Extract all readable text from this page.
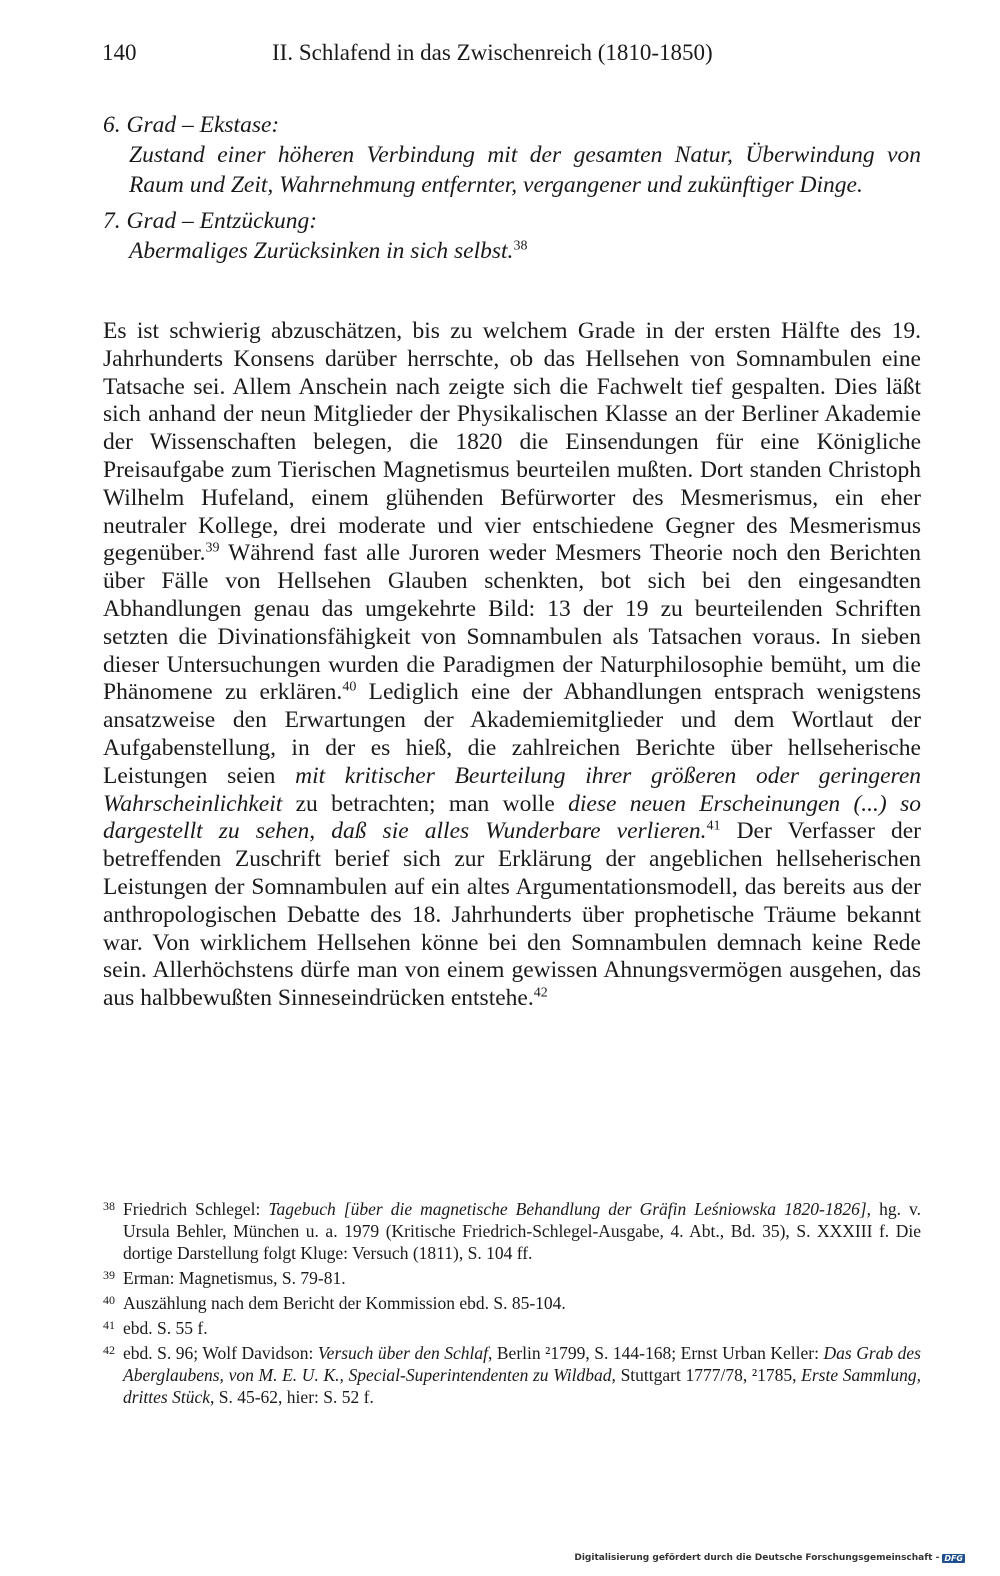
140	II. Schlafend in das Zwischenreich (1810-1850)
6. Grad – Ekstase:
Zustand einer höheren Verbindung mit der gesamten Natur, Überwindung von Raum und Zeit, Wahrnehmung entfernter, vergangener und zukünftiger Dinge.
7. Grad – Entzückung:
Abermaliges Zurücksinken in sich selbst.$^{38}$
Es ist schwierig abzuschätzen, bis zu welchem Grade in der ersten Hälfte des 19. Jahrhunderts Konsens darüber herrschte, ob das Hellsehen von Somnambulen eine Tatsache sei. Allem Anschein nach zeigte sich die Fachwelt tief gespalten. Dies läßt sich anhand der neun Mitglieder der Physikalischen Klasse an der Berliner Akademie der Wissenschaften belegen, die 1820 die Einsendungen für eine Königliche Preisaufgabe zum Tierischen Magnetismus beurteilen mußten. Dort standen Christoph Wilhelm Hufeland, einem glühenden Befürworter des Mesmerismus, ein eher neutraler Kollege, drei moderate und vier entschiedene Gegner des Mesmerismus gegenüber.$^{39}$ Während fast alle Juroren weder Mesmers Theorie noch den Berichten über Fälle von Hellsehen Glauben schenkten, bot sich bei den eingesandten Abhandlungen genau das umgekehrte Bild: 13 der 19 zu beurteilenden Schriften setzten die Divinationsfähigkeit von Somnambulen als Tatsachen voraus. In sieben dieser Untersuchungen wurden die Paradigmen der Naturphilosophie bemüht, um die Phänomene zu erklären.$^{40}$ Lediglich eine der Abhandlungen entsprach wenigstens ansatzweise den Erwartungen der Akademiemitglieder und dem Wortlaut der Aufgabenstellung, in der es hieß, die zahlreichen Berichte über hellseherische Leistungen seien mit kritischer Beurteilung ihrer größeren oder geringeren Wahrscheinlichkeit zu betrachten; man wolle diese neuen Erscheinungen (...) so dargestellt zu sehen, daß sie alles Wunderbare verlieren.$^{41}$ Der Verfasser der betreffenden Zuschrift berief sich zur Erklärung der angeblichen hellseherischen Leistungen der Somnambulen auf ein altes Argumentationsmodell, das bereits aus der anthropologischen Debatte des 18. Jahrhunderts über prophetische Träume bekannt war. Von wirklichem Hellsehen könne bei den Somnambulen demnach keine Rede sein. Allerhöchstens dürfe man von einem gewissen Ahnungsvermögen ausgehen, das aus halbbewußten Sinneseindrücken entstehe.$^{42}$
38 Friedrich Schlegel: Tagebuch [über die magnetische Behandlung der Gräfin Leśniowska 1820-1826], hg. v. Ursula Behler, München u. a. 1979 (Kritische Friedrich-Schlegel-Ausgabe, 4. Abt., Bd. 35), S. XXXIII f. Die dortige Darstellung folgt Kluge: Versuch (1811), S. 104 ff.
39 Erman: Magnetismus, S. 79-81.
40 Auszählung nach dem Bericht der Kommission ebd. S. 85-104.
41 ebd. S. 55 f.
42 ebd. S. 96; Wolf Davidson: Versuch über den Schlaf, Berlin ²1799, S. 144-168; Ernst Urban Keller: Das Grab des Aberglaubens, von M. E. U. K., Special-Superintendenten zu Wildbad, Stuttgart 1777/78, ²1785, Erste Sammlung, drittes Stück, S. 45-62, hier: S. 52 f.
Digitalisierung gefördert durch die Deutsche Forschungsgemeinschaft - DFG
